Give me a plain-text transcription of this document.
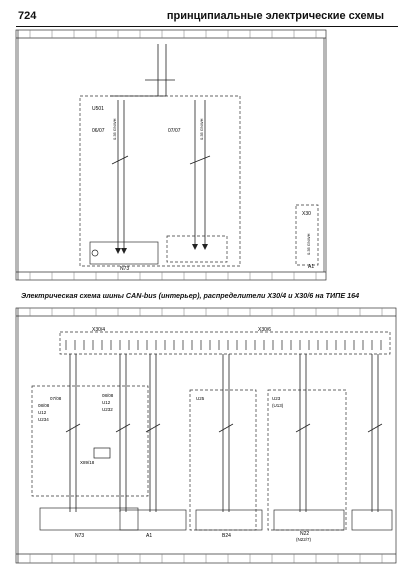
724	принципиальные электрические схемы
U501
06/07	07/07
0.35 GNWH	0.35 GNWH
N73	A1
X30
0.35 GNWH
X30/4	X30/6
07/08
08/08
U12
U234
08/08
U12
U232
X89/18
U25	U23
(U13)
N73	A1	B24	N22
(N22/7)
Электрическая схема шины CAN-bus (интерьер), распределители X30/4 и X30/6 на ТИПЕ 164
